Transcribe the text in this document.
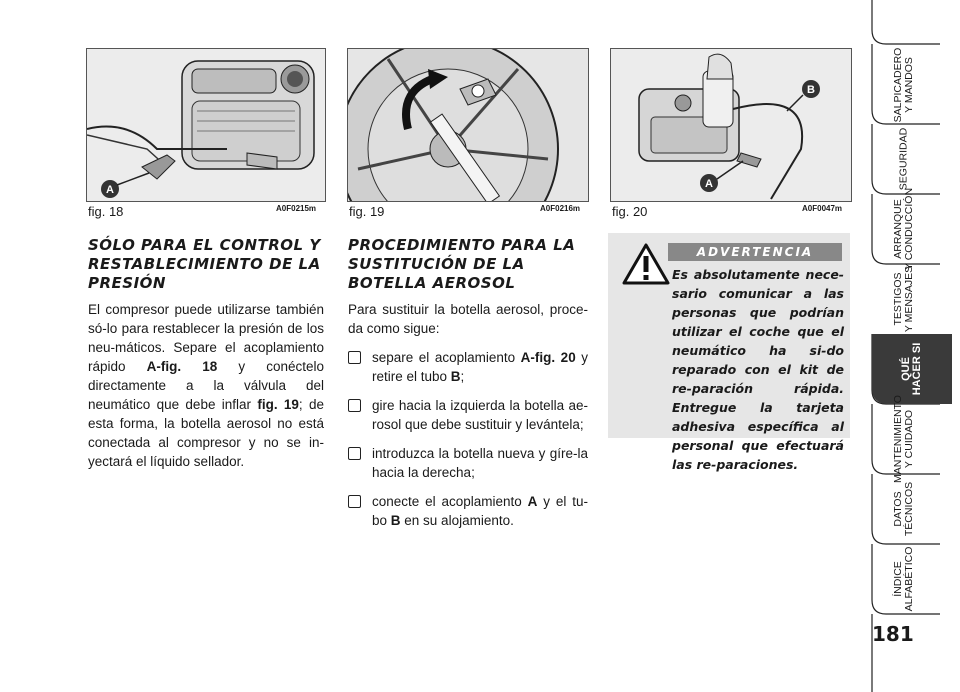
A
fig. 18	A0F0215m	fig. 19	A0F0216m
B
A
fig. 20	A0F0047m
SÓLO PARA EL CONTROL Y RESTABLECIMIENTO DE LA PRESIÓN
El compresor puede utilizarse también só-lo para restablecer la presión de los neu-máticos. Separe el acoplamiento rápido A-fig. 18 y conéctelo directamente a la válvula del neumático que debe inflar fig. 19; de esta forma, la botella aerosol no está conectada al compresor y no se in-yectará el líquido sellador.
PROCEDIMIENTO PARA LA SUSTITUCIÓN DE LA BOTELLA AEROSOL
Para sustituir la botella aerosol, proce-da como sigue:
separe el acoplamiento A-fig. 20 y retire el tubo B;
gire hacia la izquierda la botella ae-rosol que debe sustituir y levántela;
introduzca la botella nueva y gíre-la hacia la derecha;
conecte el acoplamiento A y el tu-bo B en su alojamiento.
ADVERTENCIA
Es absolutamente nece-sario comunicar a las personas que podrían utilizar el coche que el neumático ha si-do reparado con el kit de re-paración rápida. Entregue la tarjeta adhesiva específica al personal que efectuará las re-paraciones.
SALPICADERO
Y MANDOS
SEGURIDAD
ARRANQUE
Y CONDUCCIÓN
TESTIGOS
Y MENSAJES
QUÉ
HACER SI
MANTENIMIENTO
Y CUIDADO
DATOS
TÉCNICOS
ÍNDICE
ALFABÉTICO
181
